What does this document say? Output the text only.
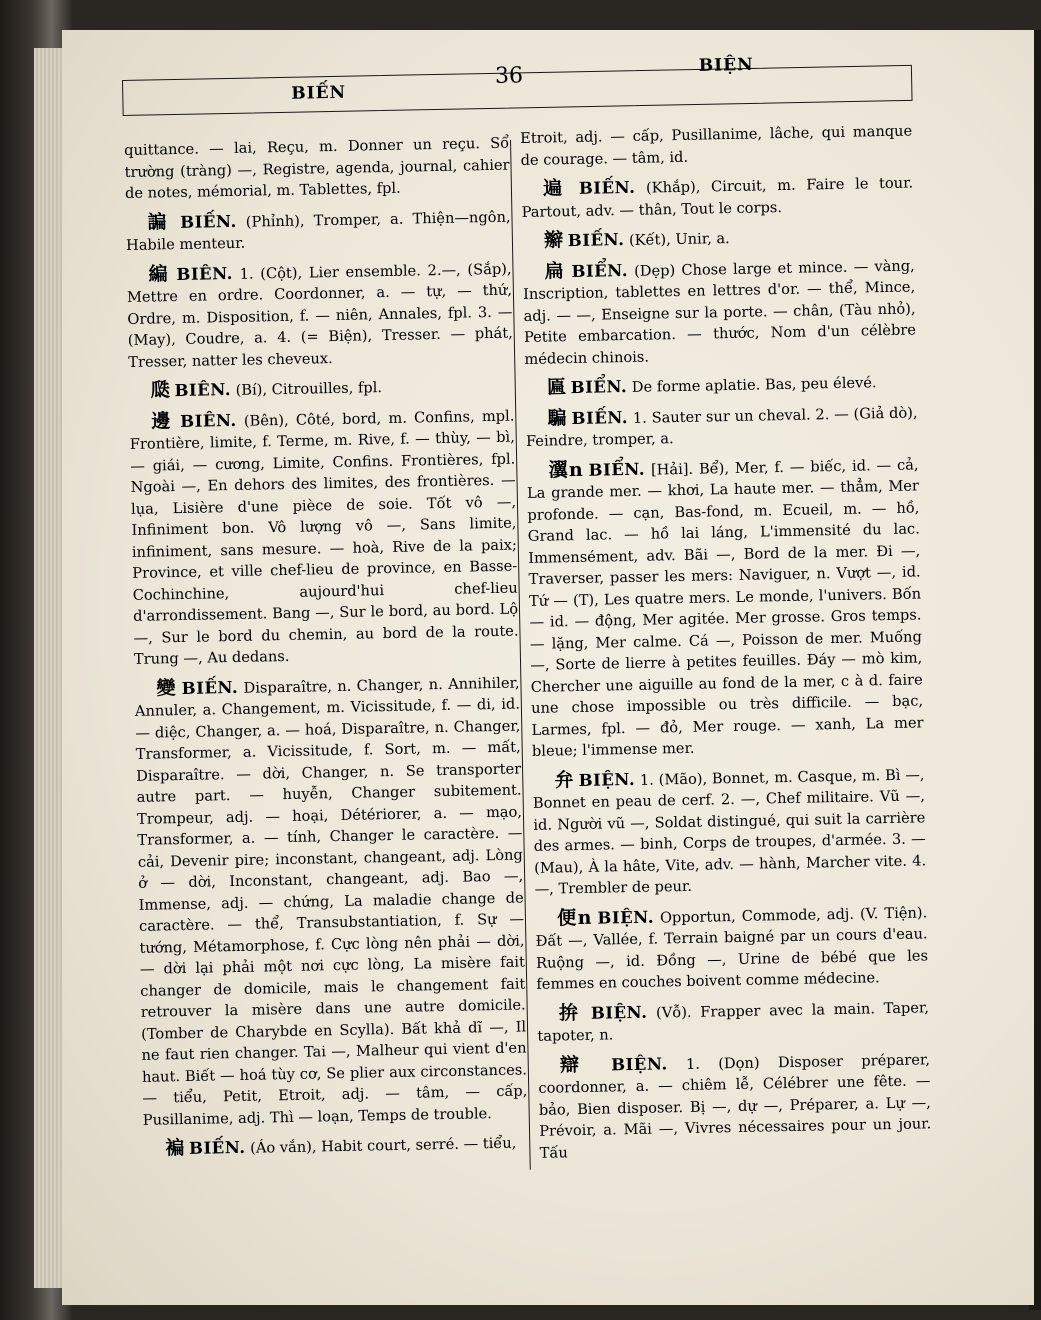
BIẾN
36	BIỆN

quittance. — lai, Reçu, m. Donner un reçu. Sổ trường (tràng) —, Registre, agenda, journal, cahier de notes, mémorial, m. Tablettes, fpl.

諞 BIẾN. (Phỉnh), Tromper, a. Thiện—ngôn, Habile menteur.

編 BIÊN. 1. (Cột), Lier ensemble. 2.—, (Sắp), Mettre en ordre. Coordonner, a. — tự, — thứ, Ordre, m. Disposition, f. — niên, Annales, fpl. 3. —(May), Coudre, a. 4. (= Biện), Tresser. — phát, Tresser, natter les cheveux.

瓞 BIÊN. (Bí), Citrouilles, fpl.

邊 BIÊN. (Bên), Côté, bord, m. Confins, mpl. Frontière, limite, f. Terme, m. Rive, f. — thùy, — bì, — giái, — cương, Limite, Confins. Frontières, fpl. Ngoài —, En dehors des limites, des frontières. — lụa, Lisière d'une pièce de soie. Tốt vô —, Infiniment bon. Vô lượng vô —, Sans limite, infiniment, sans mesure. — hoà, Rive de la paix; Province, et ville chef-lieu de province, en Basse-Cochinchine, aujourd'hui chef-lieu d'arrondissement. Bang —, Sur le bord, au bord. Lộ —, Sur le bord du chemin, au bord de la route. Trung —, Au dedans.

變 BIẾN. Disparaître, n. Changer, n. Annihiler, Annuler, a. Changement, m. Vicissitude, f. — di, id. — diệc, Changer, a. — hoá, Disparaître, n. Changer, Transformer, a. Vicissitude, f. Sort, m. — mất, Disparaître. — dời, Changer, n. Se transporter autre part. — huyễn, Changer subitement. Trompeur, adj. — hoại, Détériorer, a. — mạo, Transformer, a. — tính, Changer le caractère. — cải, Devenir pire; inconstant, changeant, adj. Lòng ở — dời, Inconstant, changeant, adj. Bao —, Immense, adj. — chứng, La maladie change de caractère. — thể, Transubstantiation, f. Sự — tướng, Métamorphose, f. Cực lòng nên phải — dời, — dời lại phải một nơi cực lòng, La misère fait changer de domicile, mais le changement fait retrouver la misère dans une autre domicile. (Tomber de Charybde en Scylla). Bất khả dĩ —, Il ne faut rien changer. Tai —, Malheur qui vient d'en haut. Biết — hoá tùy cơ, Se plier aux circonstances. — tiểu, Petit, Etroit, adj. — tâm, — cấp, Pusillanime, adj. Thì — loạn, Temps de trouble.

褊 BIẾN. (Áo vắn), Habit court, serré. — tiểu,

Etroit, adj. — cấp, Pusillanime, lâche, qui manque de courage. — tâm, id.

遍 BIẾN. (Khắp), Circuit, m. Faire le tour. Partout, adv. — thân, Tout le corps.

辮 BIẾN. (Kết), Unir, a.

扁 BIỂN. (Dẹp) Chose large et mince. — vàng, Inscription, tablettes en lettres d'or. — thể, Mince, adj. — —, Enseigne sur la porte. — chân, (Tàu nhỏ), Petite embarcation. — thước, Nom d'un célèbre médecin chinois.

匾 BIỂN. De forme aplatie. Bas, peu élevé.

騙 BIẾN. 1. Sauter sur un cheval. 2. — (Giả dò), Feindre, tromper, a.

瀷n BIỂN. [Hải]. Bể), Mer, f. — biếc, id. — cả, La grande mer. — khơi, La haute mer. — thẳm, Mer profonde. — cạn, Bas-fond, m. Ecueil, m. — hồ, Grand lac. — hồ lai láng, L'immensité du lac. Immensément, adv. Bãi —, Bord de la mer. Đi —, Traverser, passer les mers: Naviguer, n. Vượt —, id. Tứ — (T), Les quatre mers. Le monde, l'univers. Bốn — id. — động, Mer agitée. Mer grosse. Gros temps. — lặng, Mer calme. Cá —, Poisson de mer. Muống —, Sorte de lierre à petites feuilles. Đáy — mò kim, Chercher une aiguille au fond de la mer, c à d. faire une chose impossible ou très difficile. — bạc, Larmes, fpl. — đỏ, Mer rouge. — xanh, La mer bleue; l'immense mer.

弁 BIỆN. 1. (Mão), Bonnet, m. Casque, m. Bì —, Bonnet en peau de cerf. 2. —, Chef militaire. Vũ —, id. Người vũ —, Soldat distingué, qui suit la carrière des armes. — binh, Corps de troupes, d'armée. 3. — (Mau), À la hâte, Vite, adv. — hành, Marcher vite. 4. —, Trembler de peur.

便n BIỆN. Opportun, Commode, adj. (V. Tiện). Đất —, Vallée, f. Terrain baigné par un cours d'eau. Ruộng —, id. Đồng —, Urine de bébé que les femmes en couches boivent comme médecine.

拚 BIỆN. (Vỗ). Frapper avec la main. Taper, tapoter, n.

辯 BIỆN. 1. (Dọn) Disposer préparer, coordonner, a. — chiêm lễ, Célébrer une fête. — bảo, Bien disposer. Bị —, dự —, Préparer, a. Lự —, Prévoir, a. Mãi —, Vivres nécessaires pour un jour. Tấu
